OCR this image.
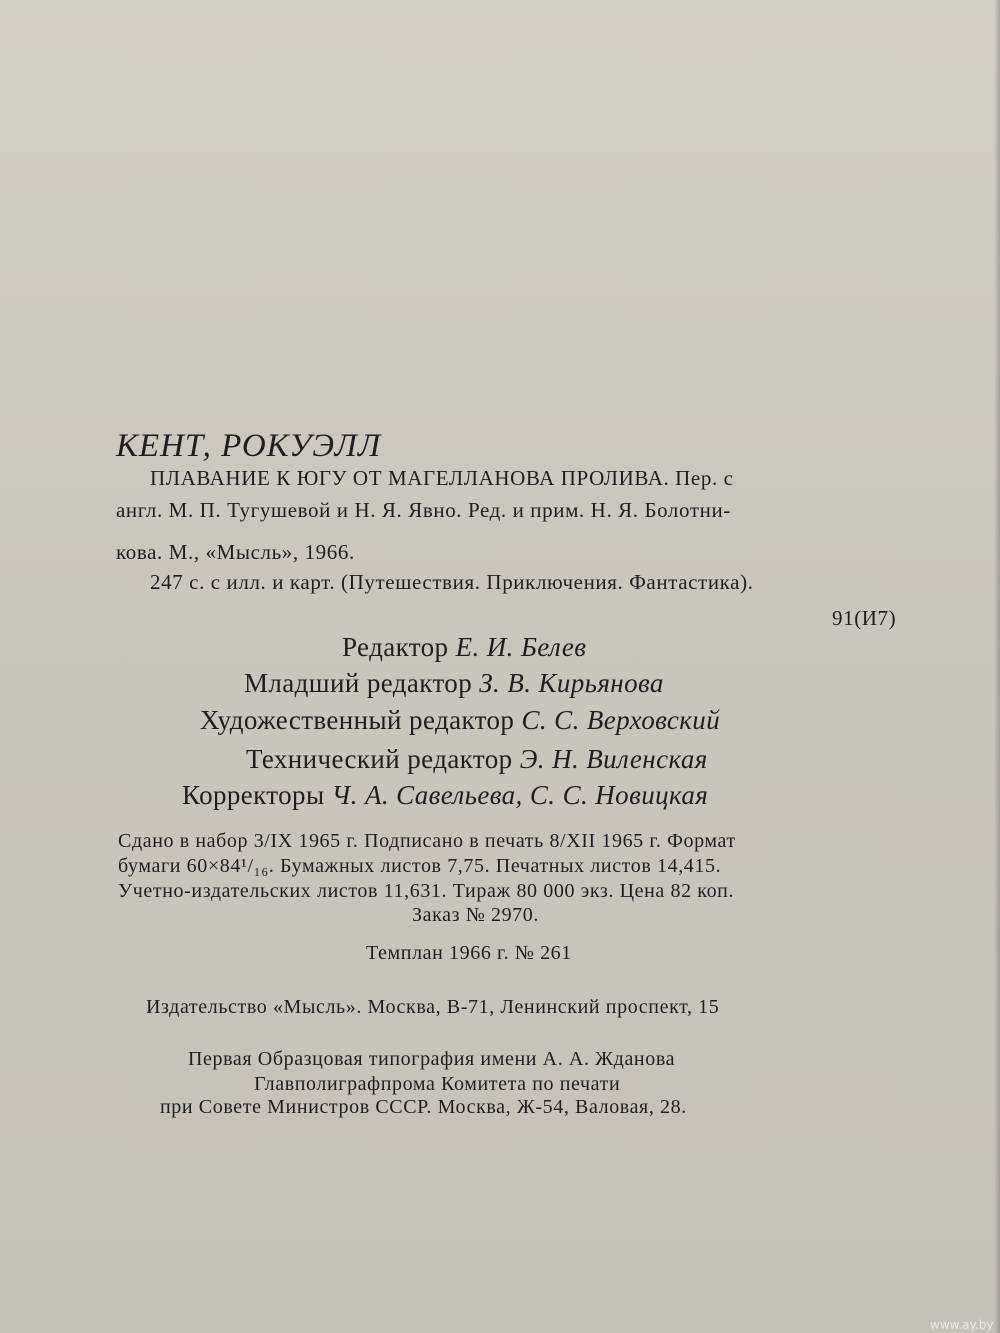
КЕНТ, РОКУЭЛЛ
ПЛАВАНИЕ К ЮГУ ОТ МАГЕЛЛАНОВА ПРОЛИВА. Пер. с
англ. М. П. Тугушевой и Н. Я. Явно. Ред. и прим. Н. Я. Болотни-
кова. М., «Мысль», 1966.
247 с. с илл. и карт. (Путешествия. Приключения. Фантастика).
91(И7)
Редактор Е. И. Белев
Младший редактор З. В. Кирьянова
Художественный редактор С. С. Верховский
Технический редактор Э. Н. Виленская
Корректоры Ч. А. Савельева, С. С. Новицкая
Сдано в набор 3/IX 1965 г. Подписано в печать 8/XII 1965 г. Формат
бумаги 60×84¹/₁₆. Бумажных листов 7,75. Печатных листов 14,415.
Учетно-издательских листов 11,631. Тираж 80 000 экз. Цена 82 коп.
Заказ № 2970.
Темплан 1966 г. № 261
Издательство «Мысль». Москва, В-71, Ленинский проспект, 15
Первая Образцовая типография имени А. А. Жданова
Главполиграфпрома Комитета по печати
при Совете Министров СССР. Москва, Ж-54, Валовая, 28.
www.ay.by
